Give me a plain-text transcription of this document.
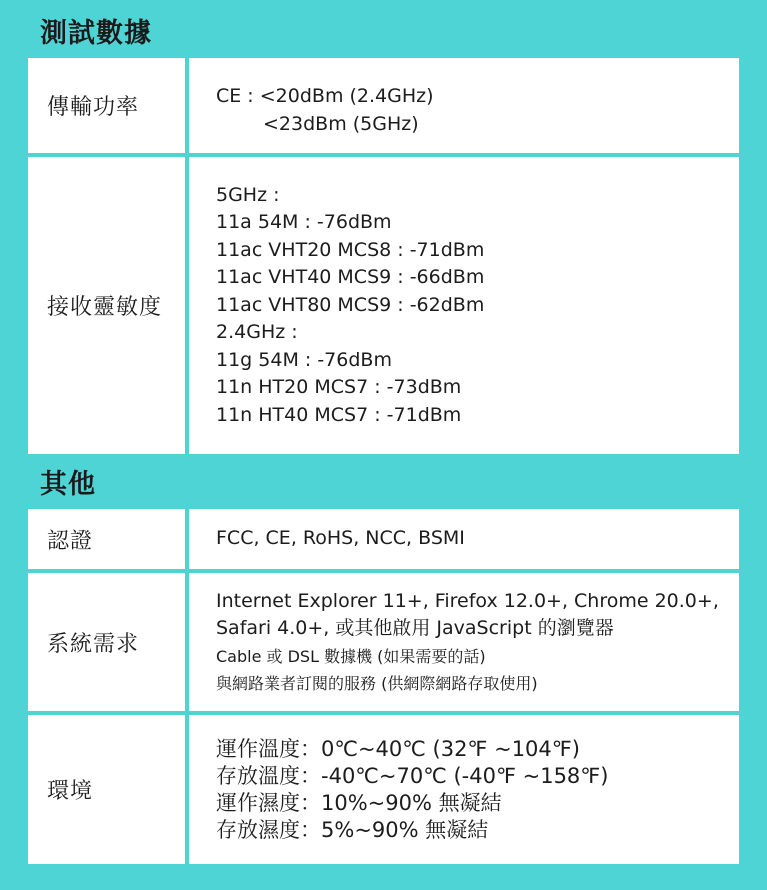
測試數據
傳輸功率	CE : <20dBm (2.4GHz)
<23dBm (5GHz)
接收靈敏度
5GHz :
11a 54M : -76dBm
11ac VHT20 MCS8 : -71dBm
11ac VHT40 MCS9 : -66dBm
11ac VHT80 MCS9 : -62dBm
2.4GHz :
11g 54M : -76dBm
11n HT20 MCS7 : -73dBm
11n HT40 MCS7 : -71dBm
其他
認證	FCC, CE, RoHS, NCC, BSMI
系統需求
Internet Explorer 11+, Firefox 12.0+, Chrome 20.0+,
Safari 4.0+, 或其他啟用 JavaScript 的瀏覽器
Cable 或 DSL 數據機 (如果需要的話)
與網路業者訂閱的服務 (供網際網路存取使用)
環境
運作溫度：0℃~40℃ (32℉ ~104℉)
存放溫度：-40℃~70℃ (-40℉ ~158℉)
運作濕度：10%~90% 無凝結
存放濕度：5%~90% 無凝結
